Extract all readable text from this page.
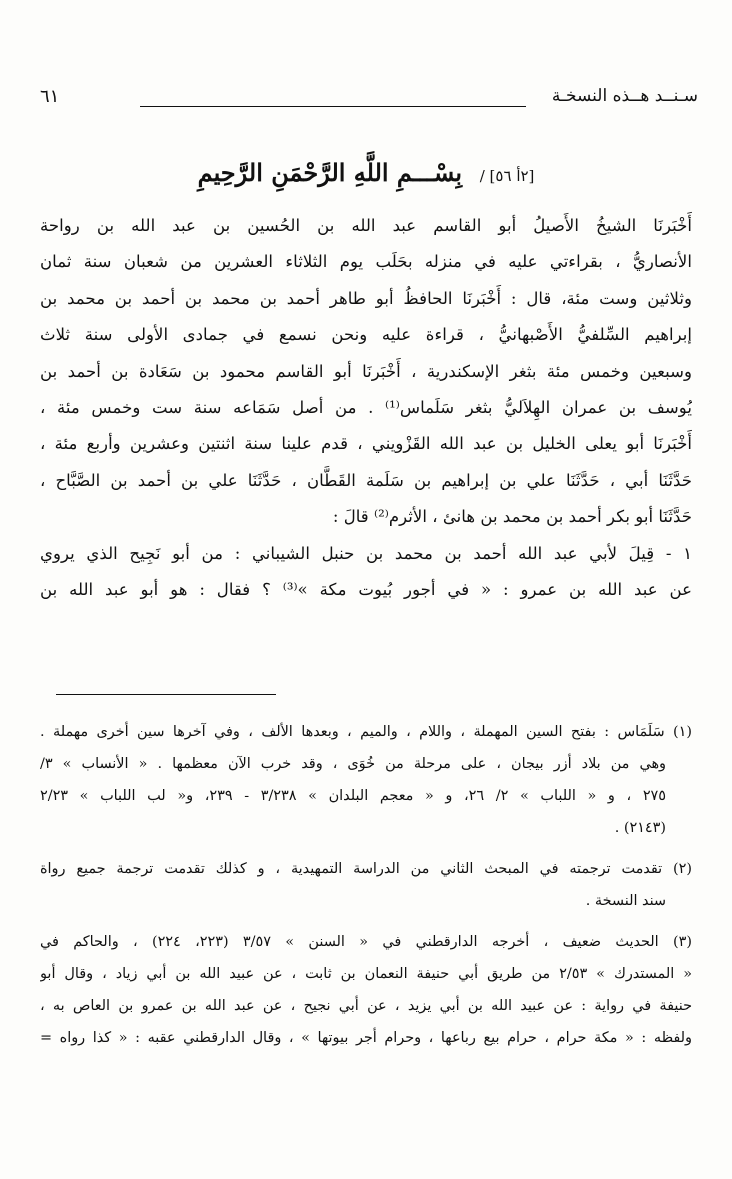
سـنــد هــذه النسخـة
٦١
[٢أ ٥٦] / بِسْـــمِ اللَّهِ الرَّحْمَنِ الرَّحِيمِ
أَخْبَرنَا الشيخُ الأَصيلُ أبو القاسم عبد الله بن الحُسين بن عبد الله بن رواحة
الأنصاريُّ ، بقراءتي عليه في منزله بحَلَب يوم الثلاثاء العشرين من شعبان سنة ثمان
وثلاثين وست مئة، قال : أَخْبَرنَا الحافظُ أبو طاهر أحمد بن محمد بن أحمد بن محمد بن
إبراهيم السِّلفيُّ الأَصْبهانيُّ ، قراءة عليه ونحن نسمع في جمادى الأولى سنة ثلاث
وسبعين وخمس مئة بثغر الإسكندرية ، أَخْبَرنَا أبو القاسم محمود بن سَعَادة بن أحمد بن
يُوسف بن عمران الهِلاَليُّ بثغر سَلَماس⁽¹⁾ . من أصل سَمَاعه سنة ست وخمس مئة ،
أَخْبَرنَا أبو يعلى الخليل بن عبد الله القَزْويني ، قدم علينا سنة اثنتين وعشرين وأربع مئة ،
حَدَّثَنَا أبي ، حَدَّثَنَا علي بن إبراهيم بن سَلَمة القَطَّان ، حَدَّثَنَا علي بن أحمد بن الصَّبَّاح ،
حَدَّثَنَا أبو بكر أحمد بن محمد بن هانئ ، الأثرم⁽²⁾ قالَ :
١ - قِيلَ لأبي عبد الله أحمد بن محمد بن حنبل الشيباني : من أبو نَجِيح الذي يروي
عن عبد الله بن عمرو : « في أجور بُيوت مكة »⁽³⁾ ؟ فقال : هو أبو عبد الله بن
(١) سَلَمَاس : بفتح السين المهملة ، واللام ، والميم ، وبعدها الألف ، وفي آخرها سين أخرى مهملة .
وهي من بلاد أزر بيجان ، على مرحلة من خُوَى ، وقد خرب الآن معظمها . « الأنساب » ٣/
٢٧٥ ، و « اللباب » ٢/ ٢٦، و « معجم البلدان » ٣/٢٣٨ - ٢٣٩، و« لب اللباب » ٢/٢٣
(٢١٤٣) .
(٢) تقدمت ترجمته في المبحث الثاني من الدراسة التمهيدية ، و كذلك تقدمت ترجمة جميع رواة
سند النسخة .
(٣) الحديث ضعيف ، أخرجه الدارقطني في « السنن » ٣/٥٧ (٢٢٣، ٢٢٤) ، والحاكم في
« المستدرك » ٢/٥٣ من طريق أبي حنيفة النعمان بن ثابت ، عن عبيد الله بن أبي زياد ، وقال أبو
حنيفة في رواية : عن عبيد الله بن أبي يزيد ، عن أبي نجيح ، عن عبد الله بن عمرو بن العاص به ،
ولفظه : « مكة حرام ، حرام بيع رباعها ، وحرام أجر بيوتها » ، وقال الدارقطني عقبه : « كذا رواه =
